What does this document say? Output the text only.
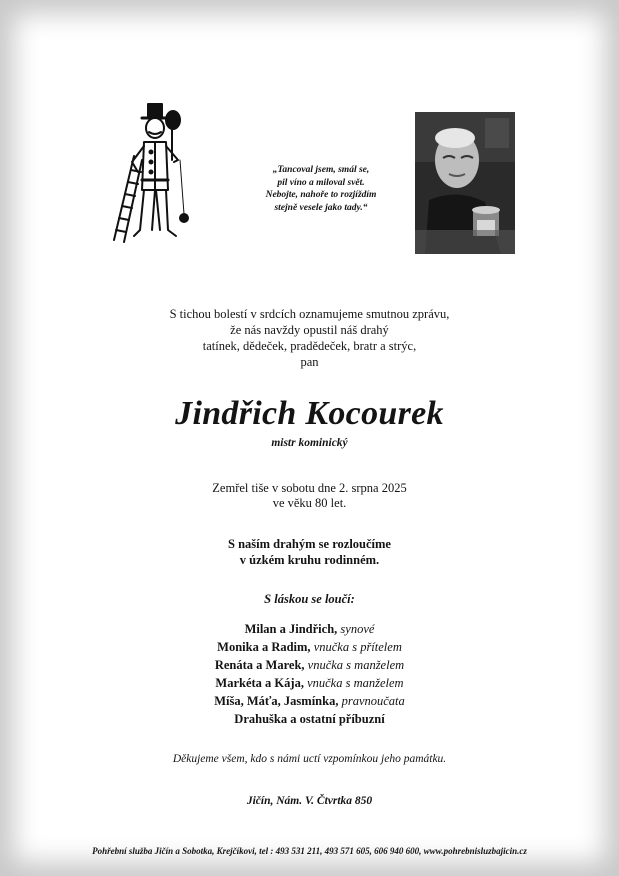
„Tancoval jsem, smál se,
pil víno a miloval svět.
Nebojte, nahoře to rozjíždím
stejně vesele jako tady.“
S tichou bolestí v srdcích oznamujeme smutnou zprávu,
že nás navždy opustil náš drahý
tatínek, dědeček, pradědeček, bratr a strýc,
pan
Jindřich Kocourek
mistr kominický
Zemřel tiše v sobotu dne 2. srpna 2025
ve věku 80 let.
S naším drahým se rozloučíme
v úzkém kruhu rodinném.
S láskou se loučí:
Milan a Jindřich, synové
Monika a Radim, vnučka s přítelem
Renáta a Marek, vnučka s manželem
Markéta a Kája, vnučka s manželem
Míša, Máťa, Jasmínka, pravnoučata
Drahuška a ostatní příbuzní
Děkujeme všem, kdo s námi uctí vzpomínkou jeho památku.
Jičín, Nám. V. Čtvrtka 850
Pohřební služba Jičín a Sobotka, Krejčíkovi, tel : 493 531 211, 493 571 605, 606 940 600, www.pohrebnisluzbajicin.cz
